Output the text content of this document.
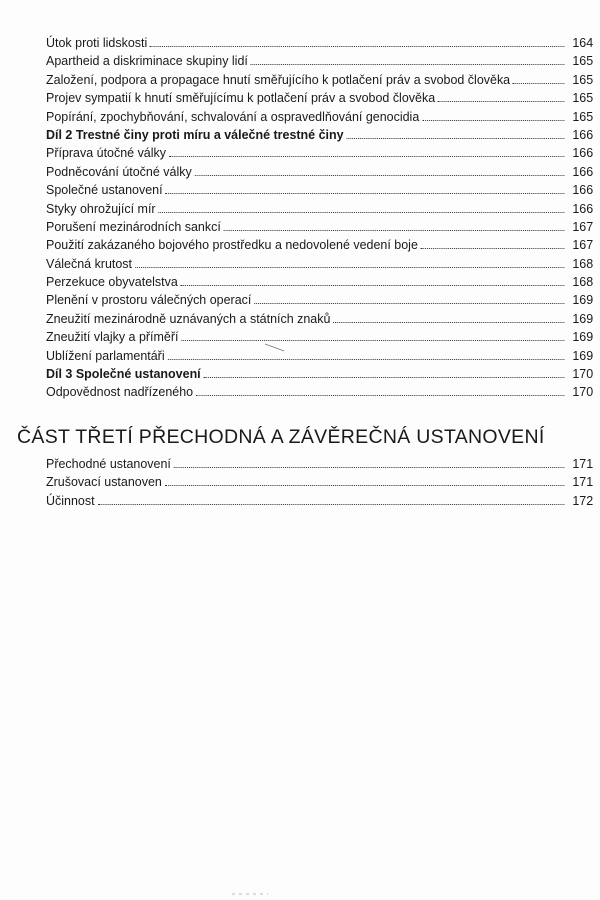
Útok proti lidskosti	164
Apartheid a diskriminace skupiny lidí	165
Založení, podpora a propagace hnutí směřujícího k potlačení práv a svobod člověka	165
Projev sympatií k hnutí směřujícímu k potlačení práv a svobod člověka	165
Popírání, zpochybňování, schvalování a ospravedlňování genocidia	165
Díl 2 Trestné činy proti míru a válečné trestné činy	166
Příprava útočné války	166
Podněcování útočné války	166
Společné ustanovení	166
Styky ohrožující mír	166
Porušení mezinárodních sankcí	167
Použití zakázaného bojového prostředku a nedovolené vedení boje	167
Válečná krutost	168
Perzekuce obyvatelstva	168
Plenění v prostoru válečných operací	169
Zneužití mezinárodně uznávaných a státních znaků	169
Zneužití vlajky a příměří	169
Ublížení parlamentáři	169
Díl 3 Společné ustanovení	170
Odpovědnost nadřízeného	170
ČÁST TŘETÍ PŘECHODNÁ A ZÁVĚREČNÁ USTANOVENÍ
Přechodné ustanovení	171
Zrušovací ustanoven	171
Účinnost	172
